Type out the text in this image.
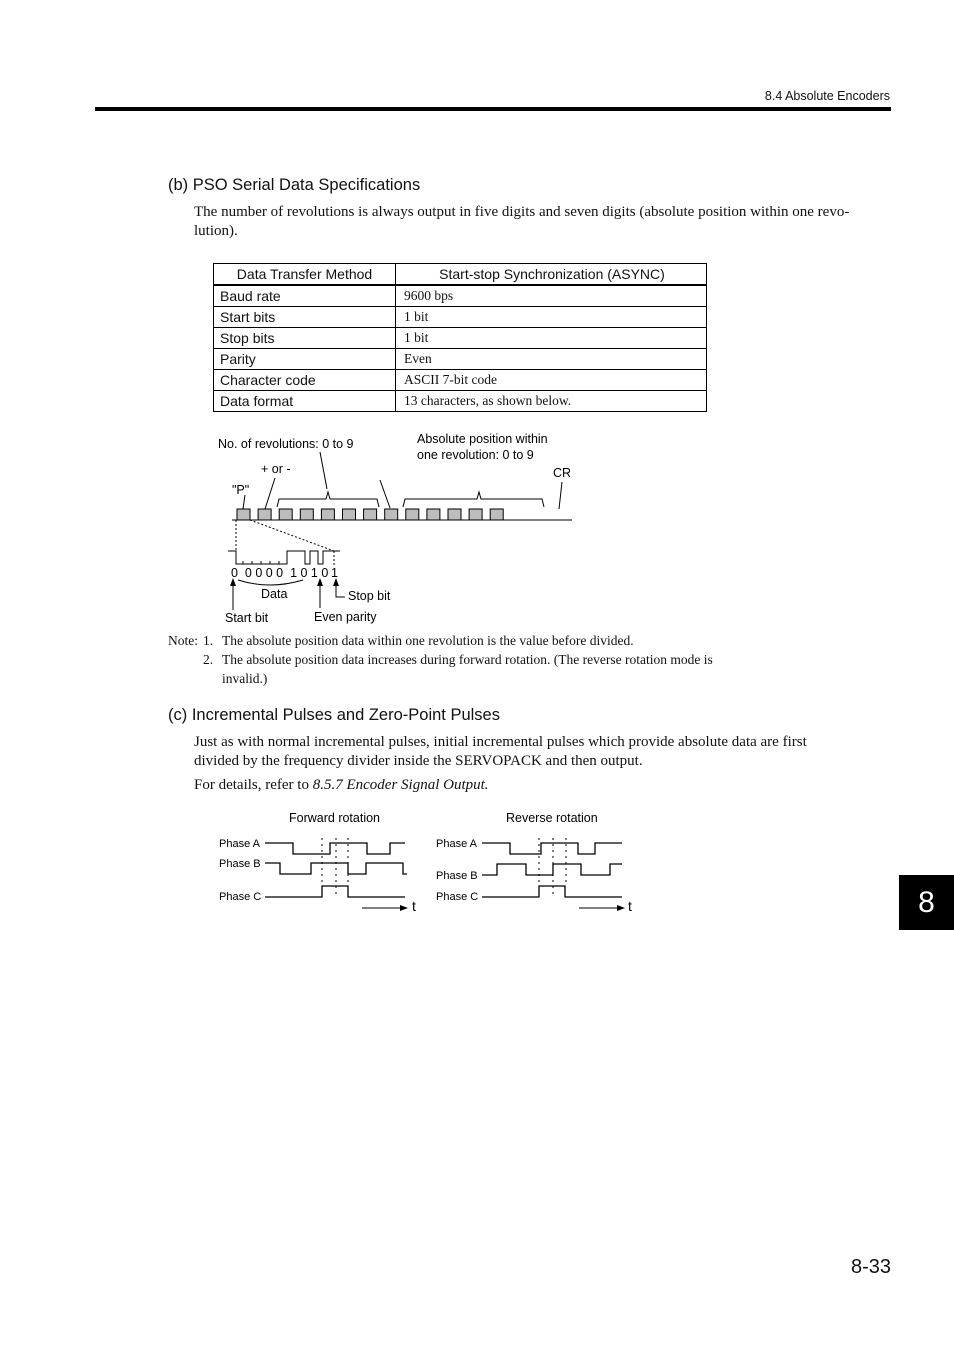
8.4 Absolute Encoders
(b) PSO Serial Data Specifications
The number of revolutions is always output in five digits and seven digits (absolute position within one revo-
lution).
Data Transfer Method	Start-stop Synchronization (ASYNC)
Baud rate	9600 bps
Start bits	1 bit
Stop bits	1 bit
Parity	Even
Character code	ASCII 7-bit code
Data format	13 characters, as shown below.
No. of revolutions: 0 to 9
+ or -
"P"
Absolute position within
one revolution: 0 to 9
CR
0  0 0 0 0  1 0 1 0 1
Data	Stop bit
Start bit	Even parity
Note: 1. The absolute position data within one revolution is the value before divided.
2. The absolute position data increases during forward rotation. (The reverse rotation mode is
invalid.)
(c) Incremental Pulses and Zero-Point Pulses
Just as with normal incremental pulses, initial incremental pulses which provide absolute data are first
divided by the frequency divider inside the SERVOPACK and then output.
For details, refer to 8.5.7 Encoder Signal Output.
Forward rotation	Reverse rotation
Phase A
Phase B
Phase C
t
Phase A
Phase B
Phase C
t	8
8-33
